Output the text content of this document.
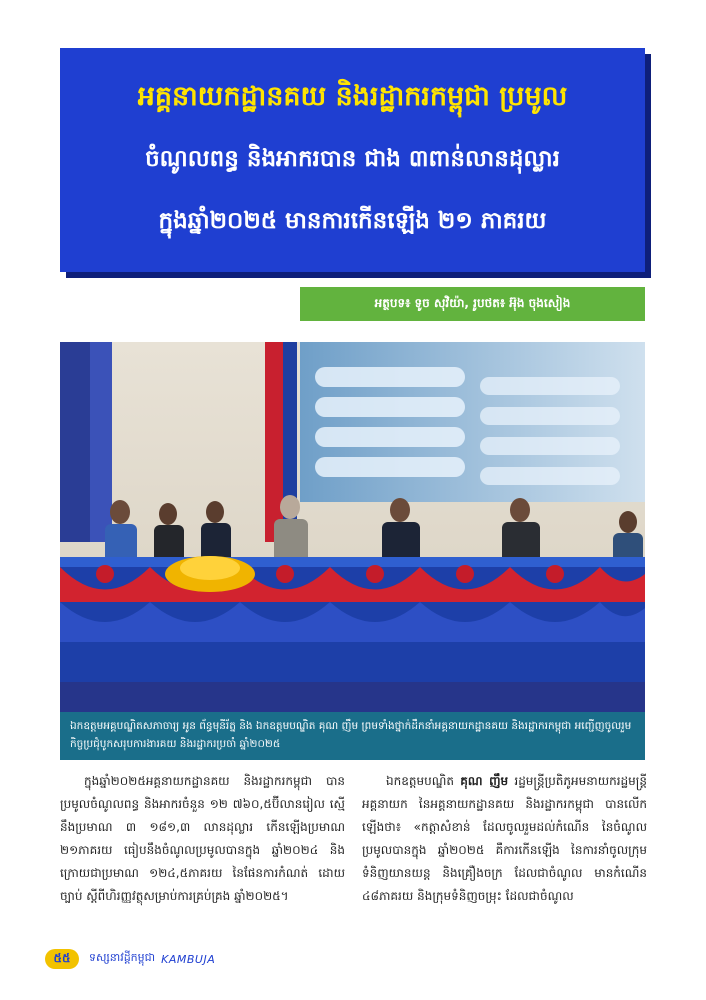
អគ្គនាយកដ្ឋានគយ និងរដ្ឋាករកម្ពុជា ប្រមូល
ចំណូលពន្ធ និងអាករបាន ជាង ៣ពាន់លានដុល្លារ
ក្នុងឆ្នាំ២០២៥ មានការកើនឡើង ២១ ភាគរយ
អត្ថបទ៖ ទូច សុវិយ៉ា, រូបថត៖ អ៊ុង ចុងសៀង
ឯកឧត្តមអគ្គបណ្ឌិតសភាចារ្យ អូន ព័ន្ធមុនីរ័ត្ន និង ឯកឧត្តមបណ្ឌិត គុណ ញឹម ព្រមទាំងថ្នាក់ដឹកនាំអគ្គនាយកដ្ឋានគយ និងរដ្ឋាករកម្ពុជា អញ្ជើញចូលរួមកិច្ចប្រជុំបូកសរុបការងារគយ និងរដ្ឋាករប្រចាំ ឆ្នាំ២០២៥

ក្នុងឆ្នាំ២០២៥អគ្គនាយកដ្ឋានគយ និងរដ្ឋាករកម្ពុជា បានប្រមូលចំណូលពន្ធ និងអាករចំនួន ១២ ៧៦០,៥ប៊ីលានរៀល ស្មើនឹងប្រមាណ ៣ ១៨១,៣ លានដុល្លារ កើនឡើងប្រមាណ ២១ភាគរយ ធៀបនឹងចំណូលប្រមូលបានក្នុង ឆ្នាំ២០២៤ និងក្រោយជាប្រមាណ ១២៤,៥ភាគរយ នៃផែនការកំណត់ ដោយច្បាប់ ស្តីពីហិរញ្ញវត្ថុសម្រាប់ការគ្រប់គ្រង ឆ្នាំ២០២៥។

ឯកឧត្តមបណ្ឌិត គុណ ញឹម រដ្ឋមន្ត្រីប្រតិភូអមនាយករដ្ឋមន្ត្រី អគ្គនាយក នៃអគ្គនាយកដ្ឋានគយ និងរដ្ឋាករកម្ពុជា បានលើកឡើងថា៖ «កត្តាសំខាន់ ដែលចូលរួមដល់កំណើន នៃចំណូលប្រមូលបានក្នុង ឆ្នាំ២០២៥ គឺការកើនឡើង នៃការនាំចូលក្រុមទំនិញយានយន្ត និងគ្រឿងចក្រ ដែលជាចំណូល មានកំណើន ៤៨ភាគរយ និងក្រុមទំនិញចម្រុះ ដែលជាចំណូល

៥៥	ទស្សនាវដ្តីកម្ពុជា KAMBUJA
